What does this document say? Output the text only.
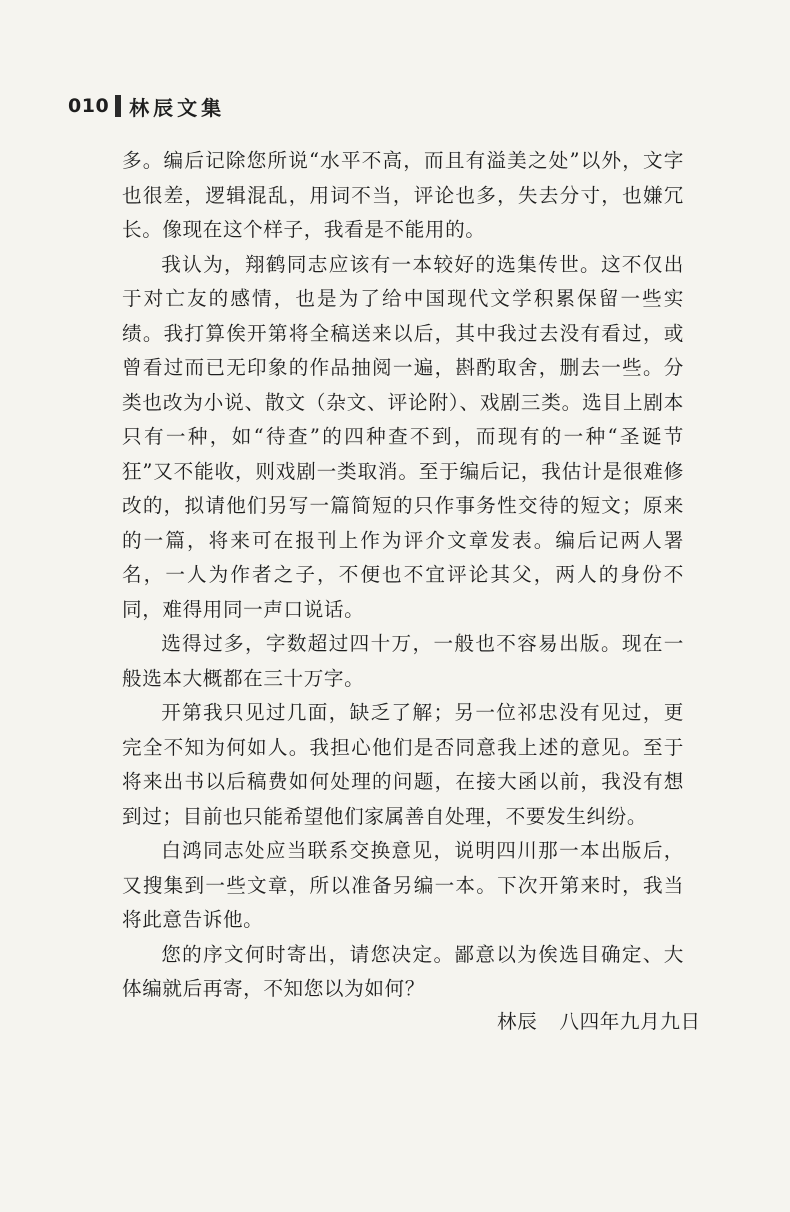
010 林辰文集

多。编后记除您所说“水平不高，而且有溢美之处”以外，文字也很差，逻辑混乱，用词不当，评论也多，失去分寸，也嫌冗长。像现在这个样子，我看是不能用的。

我认为，翔鹤同志应该有一本较好的选集传世。这不仅出于对亡友的感情，也是为了给中国现代文学积累保留一些实绩。我打算俟开第将全稿送来以后，其中我过去没有看过，或曾看过而已无印象的作品抽阅一遍，斟酌取舍，删去一些。分类也改为小说、散文（杂文、评论附）、戏剧三类。选目上剧本只有一种，如“待查”的四种查不到，而现有的一种“圣诞节狂”又不能收，则戏剧一类取消。至于编后记，我估计是很难修改的，拟请他们另写一篇简短的只作事务性交待的短文；原来的一篇，将来可在报刊上作为评介文章发表。编后记两人署名，一人为作者之子，不便也不宜评论其父，两人的身份不同，难得用同一声口说话。

选得过多，字数超过四十万，一般也不容易出版。现在一般选本大概都在三十万字。

开第我只见过几面，缺乏了解；另一位祁忠没有见过，更完全不知为何如人。我担心他们是否同意我上述的意见。至于将来出书以后稿费如何处理的问题，在接大函以前，我没有想到过；目前也只能希望他们家属善自处理，不要发生纠纷。

白鸿同志处应当联系交换意见，说明四川那一本出版后，又搜集到一些文章，所以准备另编一本。下次开第来时，我当将此意告诉他。

您的序文何时寄出，请您决定。鄙意以为俟选目确定、大体编就后再寄，不知您以为如何？

林辰 八四年九月九日
